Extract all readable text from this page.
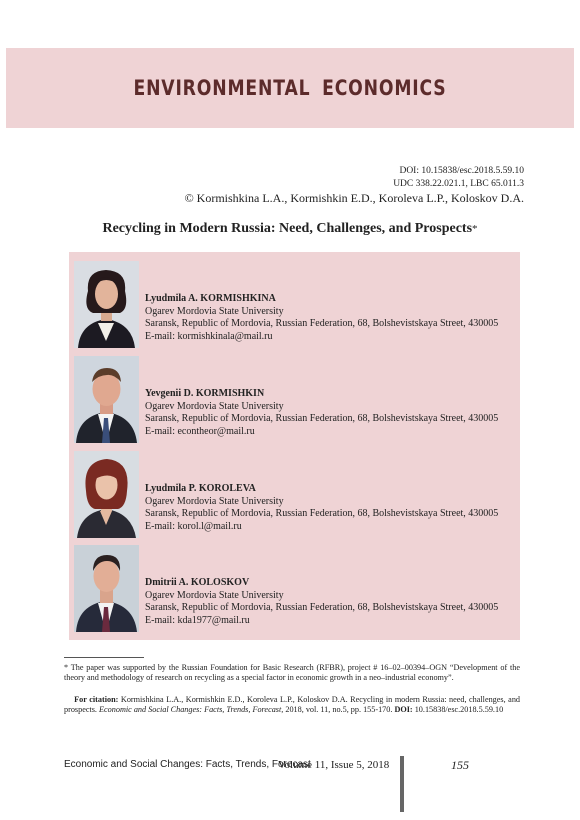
ENVIRONMENTAL ECONOMICS
DOI: 10.15838/esc.2018.5.59.10
UDC 338.22.021.1, LBC 65.011.3
© Kormishkina L.A., Kormishkin E.D., Koroleva L.P., Koloskov D.A.
Recycling in Modern Russia: Need, Challenges, and Prospects*
Lyudmila A. KORMISHKINA
Ogarev Mordovia State University
Saransk, Republic of Mordovia, Russian Federation, 68, Bolshevistskaya Street, 430005
E-mail: kormishkinala@mail.ru
Yevgenii D. KORMISHKIN
Ogarev Mordovia State University
Saransk, Republic of Mordovia, Russian Federation, 68, Bolshevistskaya Street, 430005
E-mail: econtheor@mail.ru
Lyudmila P. KOROLEVA
Ogarev Mordovia State University
Saransk, Republic of Mordovia, Russian Federation, 68, Bolshevistskaya Street, 430005
E-mail: korol.l@mail.ru
Dmitrii A. KOLOSKOV
Ogarev Mordovia State University
Saransk, Republic of Mordovia, Russian Federation, 68, Bolshevistskaya Street, 430005
E-mail: kda1977@mail.ru
* The paper was supported by the Russian Foundation for Basic Research (RFBR), project # 16–02–00394–OGN “Development of the theory and methodology of research on recycling as a special factor in economic growth in a neo–industrial economy”.
For citation: Kormishkina L.A., Kormishkin E.D., Koroleva L.P., Koloskov D.A. Recycling in modern Russia: need, challenges, and prospects. Economic and Social Changes: Facts, Trends, Forecast, 2018, vol. 11, no.5, pp. 155-170. DOI: 10.15838/esc.2018.5.59.10
Economic and Social Changes: Facts, Trends, Forecast
Volume 11, Issue 5, 2018	155
